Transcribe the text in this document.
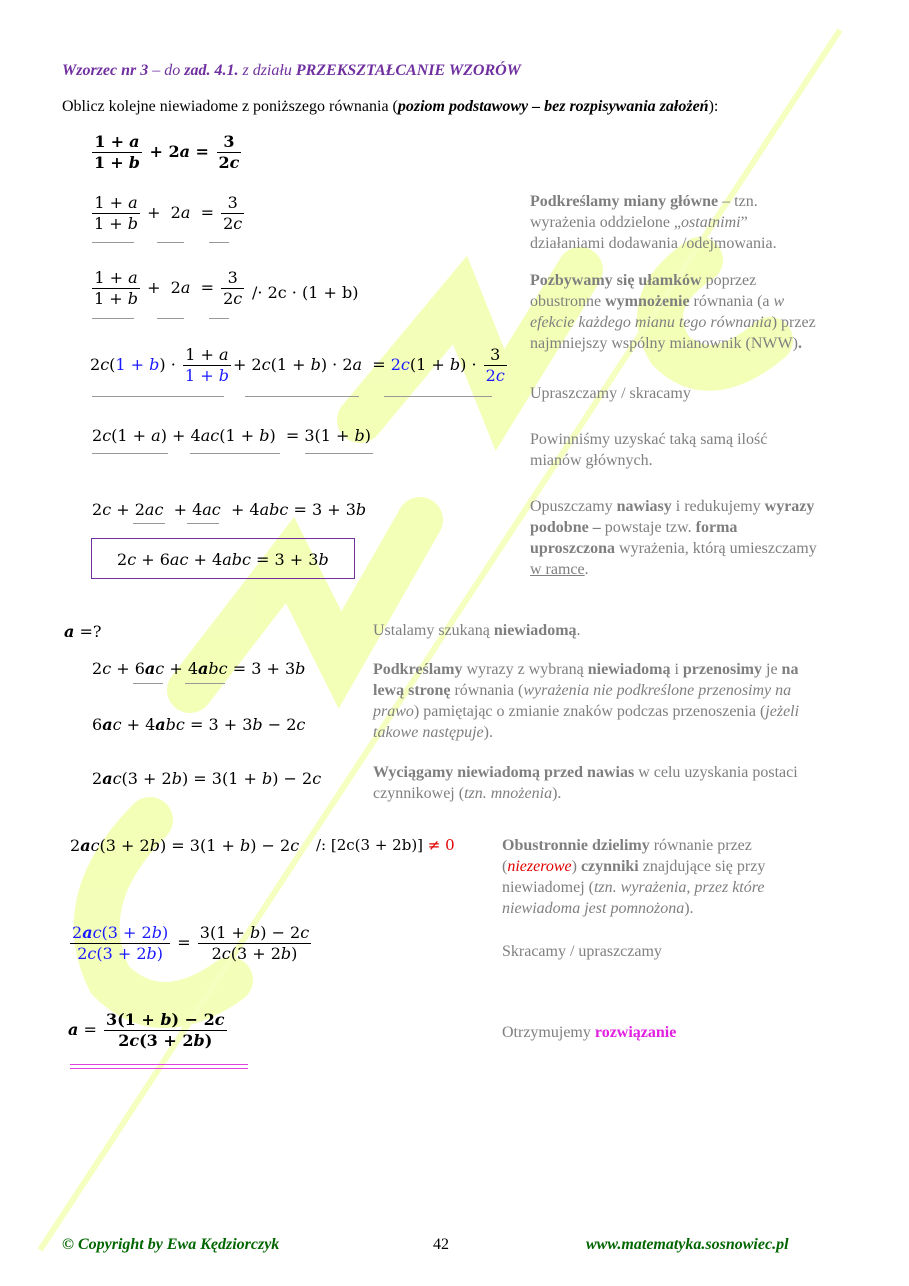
Wzorzec nr 3 – do zad. 4.1. z działu PRZEKSZTAŁCANIE WZORÓW
Oblicz kolejne niewiadome z poniższego równania (poziom podstawowy – bez rozpisywania założeń):
$\frac{1 + a}{1 + b} + 2a = \frac{3}{2c}$
$\frac{1 + a}{1 + b} + 2a = \frac{3}{2c}$
$\frac{1 + a}{1 + b} + 2a = \frac{3}{2c} /\cdot 2c \cdot (1 + b)$
$2c(1 + b) \cdot \frac{1 + a}{1 + b} + 2c(1 + b) \cdot 2a = 2c(1 + b) \cdot \frac{3}{2c}$
2c(1 + a) + 4ac(1 + b)  = 3(1 + b)
2c + 2ac  + 4ac  + 4abc = 3 + 3b
2c + 6ac + 4abc = 3 + 3b
a =?
2c + 6ac + 4abc = 3 + 3b
6ac + 4abc = 3 + 3b − 2c
2ac(3 + 2b) = 3(1 + b) − 2c
2ac(3 + 2b) = 3(1 + b) − 2c /: [2c(3 + 2b)] ≠ 0
$\frac{2ac(3 + 2b)}{2c(3 + 2b)} = \frac{3(1 + b) - 2c}{2c(3 + 2b)}$
$a = \frac{3(1 + b) - 2c}{2c(3 + 2b)}$
Podkreślamy miany główne – tzn. wyrażenia oddzielone „ostatnimi” działaniami dodawania /odejmowania.
Pozbywamy się ułamków poprzez obustronne wymnożenie równania (a w efekcie każdego mianu tego równania) przez najmniejszy wspólny mianownik (NWW).
Upraszczamy / skracamy
Powinniśmy uzyskać taką samą ilość mianów głównych.
Opuszczamy nawiasy i redukujemy wyrazy podobne – powstaje tzw. forma uproszczona wyrażenia, którą umieszczamy w ramce.
Ustalamy szukaną niewiadomą.
Podkreślamy wyrazy z wybraną niewiadomą i przenosimy je na lewą stronę równania (wyrażenia nie podkreślone przenosimy na prawo) pamiętając o zmianie znaków podczas przenoszenia (jeżeli takowe następuje).
Wyciągamy niewiadomą przed nawias w celu uzyskania postaci czynnikowej (tzn. mnożenia).
Obustronnie dzielimy równanie przez (niezerowe) czynniki znajdujące się przy niewiadomej (tzn. wyrażenia, przez które niewiadoma jest pomnożona).
Skracamy / upraszczamy
Otrzymujemy rozwiązanie
© Copyright by Ewa Kędziorczyk	42	www.matematyka.sosnowiec.pl
